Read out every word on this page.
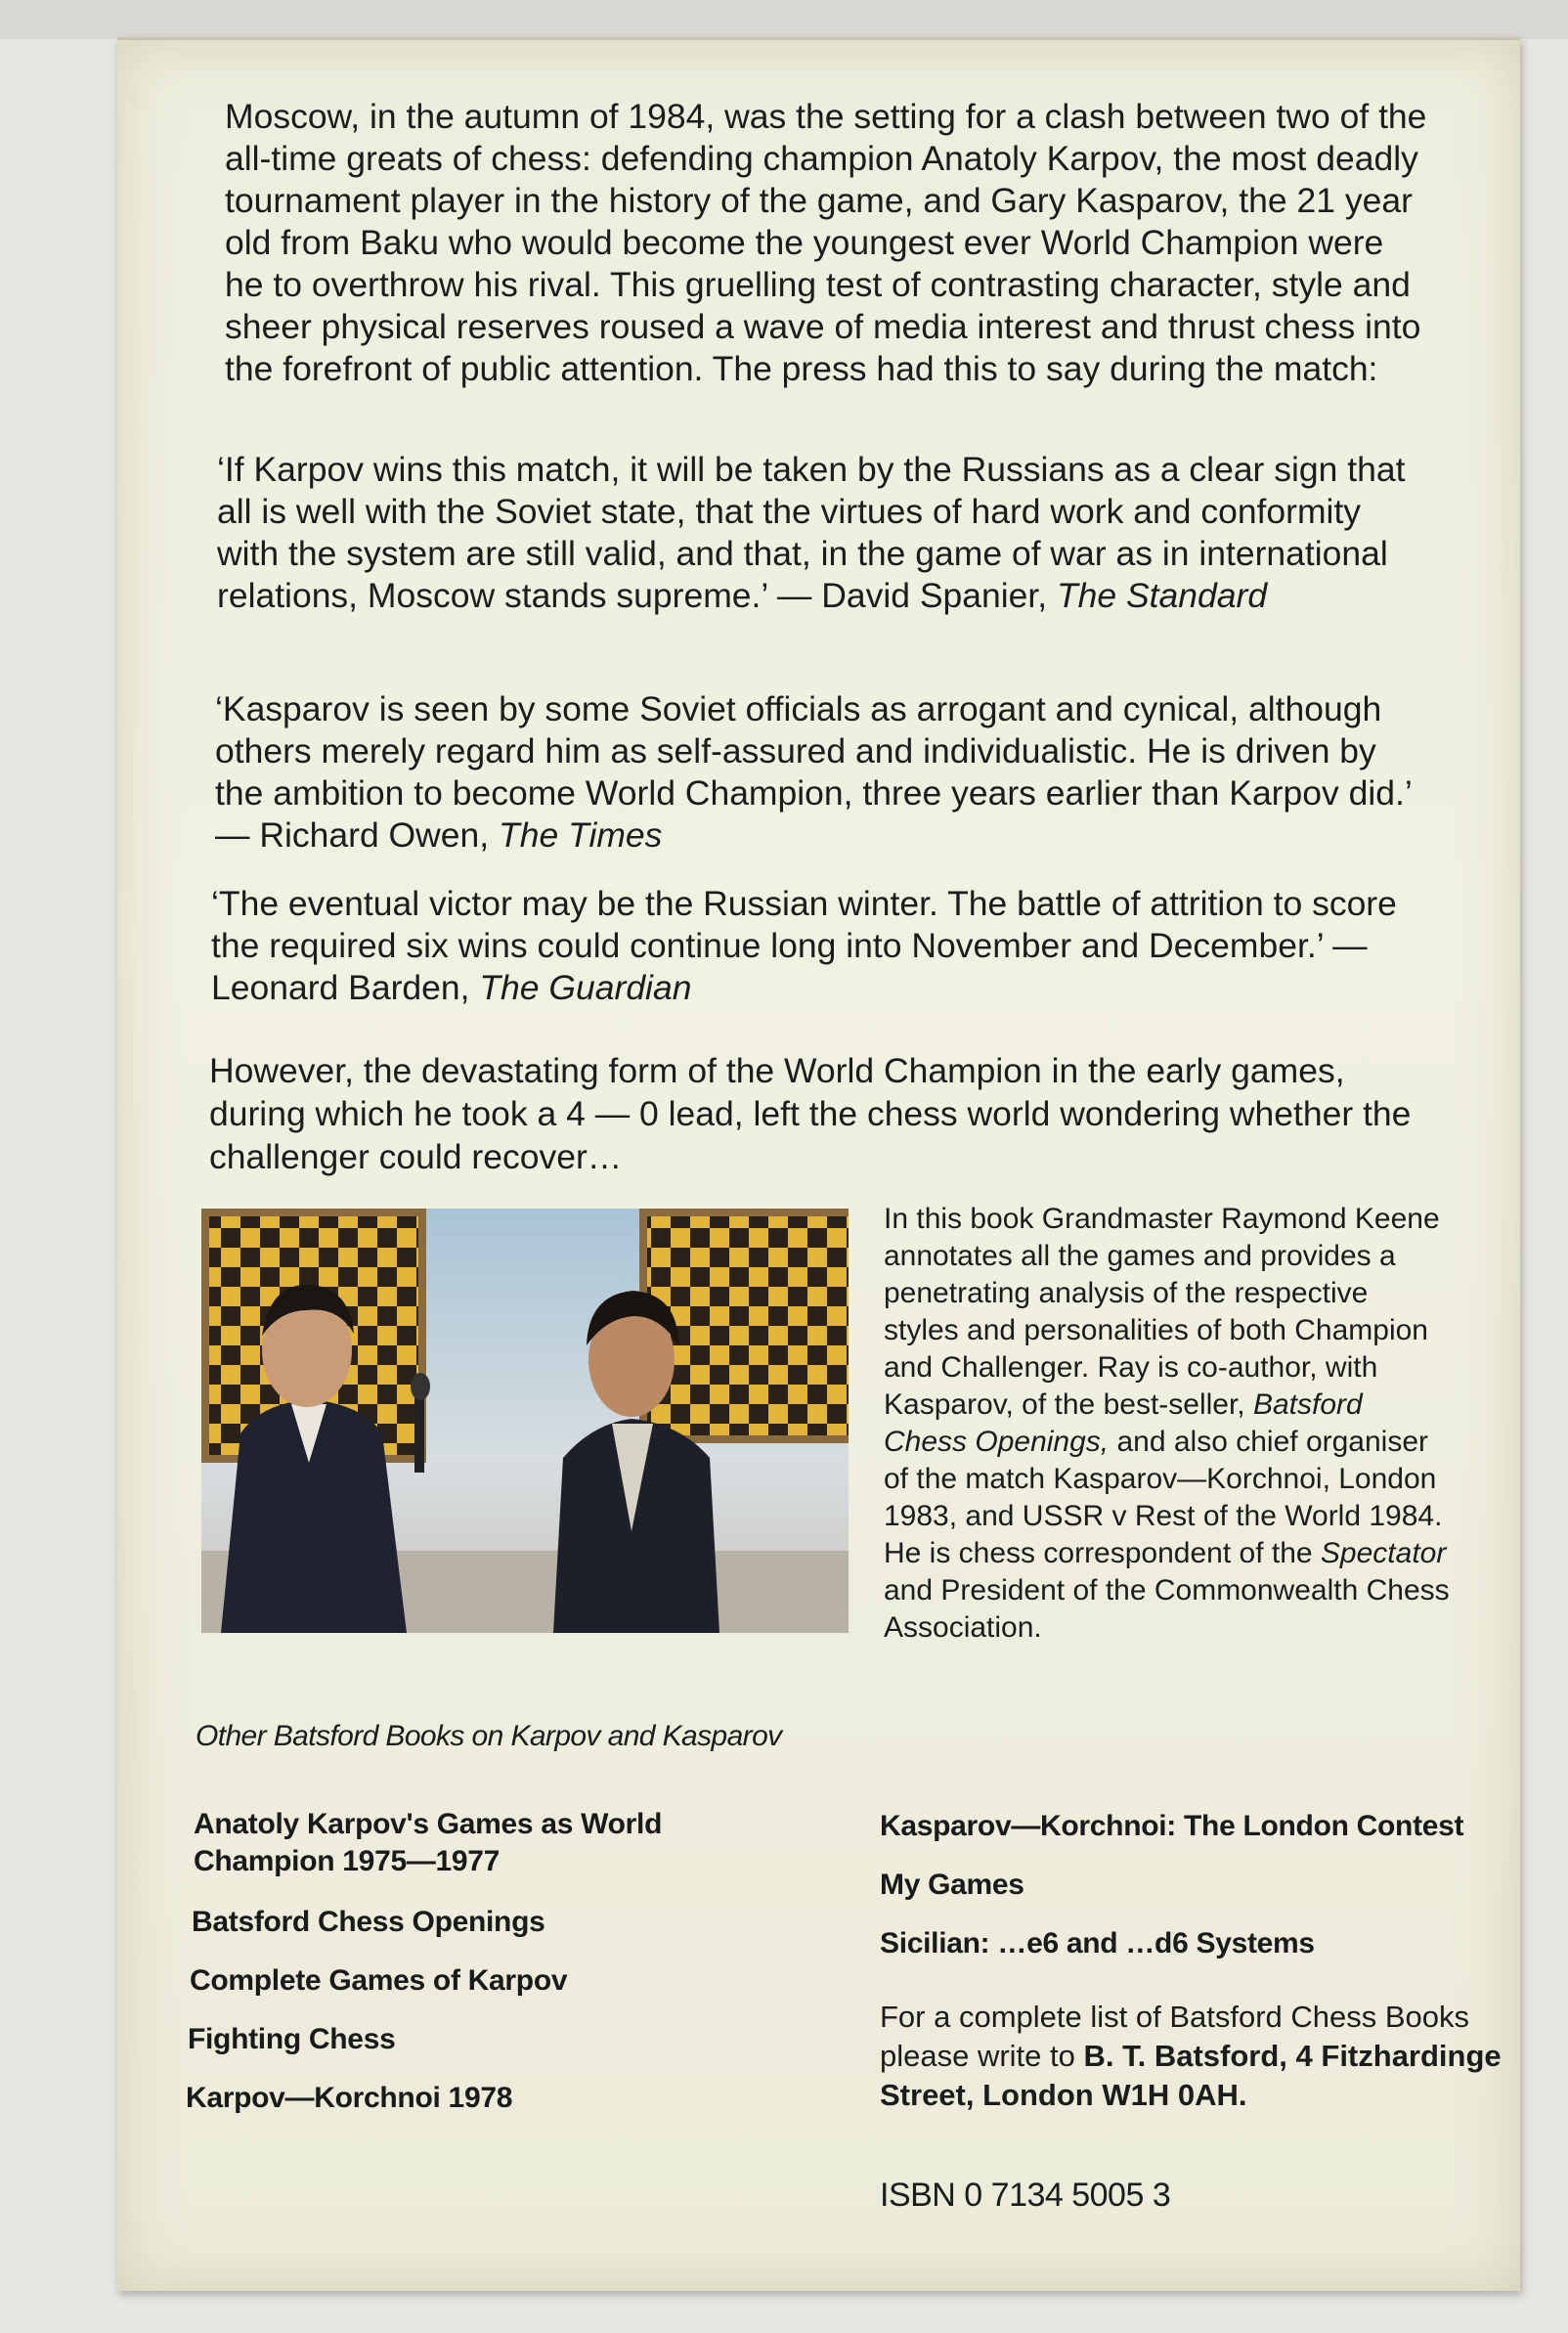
Moscow, in the autumn of 1984, was the setting for a clash between two of the all-time greats of chess: defending champion Anatoly Karpov, the most deadly tournament player in the history of the game, and Gary Kasparov, the 21 year old from Baku who would become the youngest ever World Champion were he to overthrow his rival. This gruelling test of contrasting character, style and sheer physical reserves roused a wave of media interest and thrust chess into the forefront of public attention. The press had this to say during the match:

‘If Karpov wins this match, it will be taken by the Russians as a clear sign that all is well with the Soviet state, that the virtues of hard work and conformity with the system are still valid, and that, in the game of war as in international relations, Moscow stands supreme.’ — David Spanier, The Standard

‘Kasparov is seen by some Soviet officials as arrogant and cynical, although others merely regard him as self-assured and individualistic. He is driven by the ambition to become World Champion, three years earlier than Karpov did.’ — Richard Owen, The Times

‘The eventual victor may be the Russian winter. The battle of attrition to score the required six wins could continue long into November and December.’ — Leonard Barden, The Guardian

However, the devastating form of the World Champion in the early games, during which he took a 4 — 0 lead, left the chess world wondering whether the challenger could recover…

In this book Grandmaster Raymond Keene annotates all the games and provides a penetrating analysis of the respective styles and personalities of both Champion and Challenger. Ray is co-author, with Kasparov, of the best-seller, Batsford Chess Openings, and also chief organiser of the match Kasparov—Korchnoi, London 1983, and USSR v Rest of the World 1984. He is chess correspondent of the Spectator and President of the Commonwealth Chess Association.

Other Batsford Books on Karpov and Kasparov

Anatoly Karpov's Games as World Champion 1975—1977

Batsford Chess Openings

Complete Games of Karpov

Fighting Chess

Karpov—Korchnoi 1978

Kasparov—Korchnoi: The London Contest

My Games

Sicilian: …e6 and …d6 Systems

For a complete list of Batsford Chess Books please write to B. T. Batsford, 4 Fitzhardinge Street, London W1H 0AH.

ISBN 0 7134 5005 3
